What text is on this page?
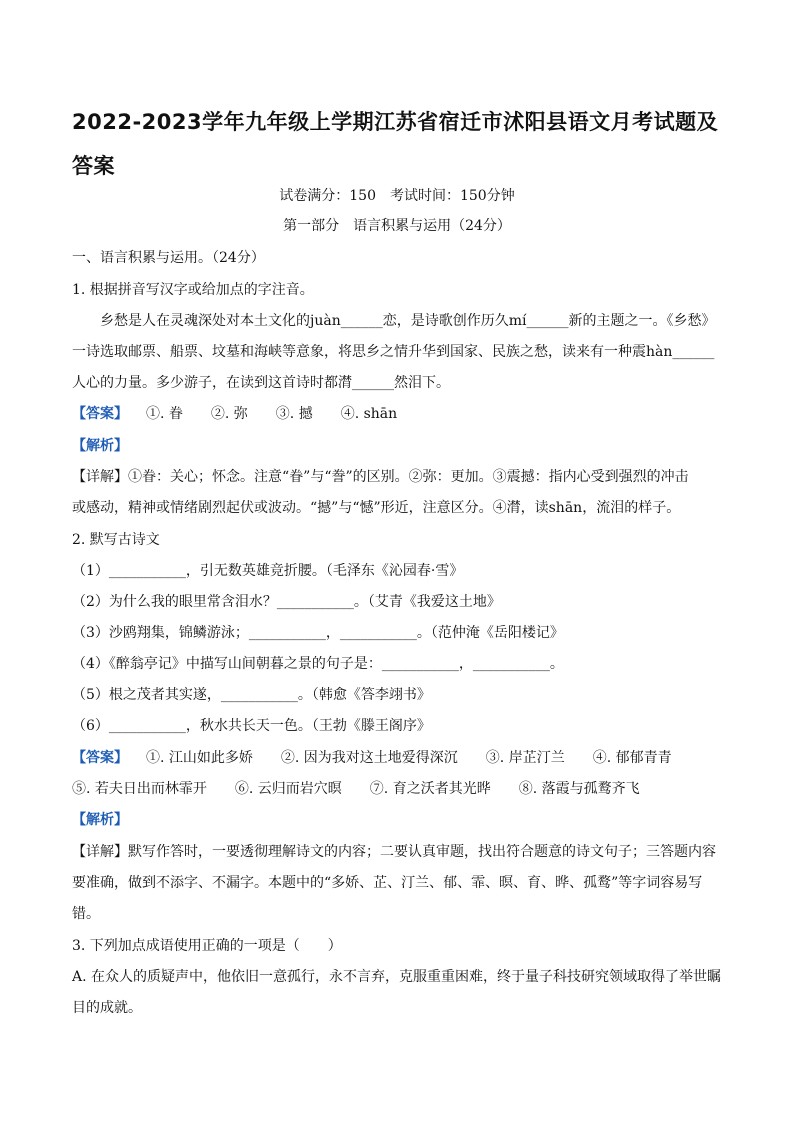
2022-2023学年九年级上学期江苏省宿迁市沭阳县语文月考试题及答案
试卷满分：150　考试时间：150分钟
第一部分　语言积累与运用（24分）
一、语言积累与运用。（24分）
1. 根据拼音写汉字或给加点的字注音。
乡愁是人在灵魂深处对本土文化的juàn______恋，是诗歌创作历久mí______新的主题之一。《乡愁》
一诗选取邮票、船票、坟墓和海峡等意象，将思乡之情升华到国家、民族之愁，读来有一种震hàn______
人心的力量。多少游子，在读到这首诗时都潸______然泪下。
【答案】 ①. 眷　　②. 弥　　③. 撼　　④. shān
【解析】
【详解】①眷：关心；怀念。注意“眷”与“誊”的区别。②弥：更加。③震撼：指内心受到强烈的冲击
或感动，精神或情绪剧烈起伏或波动。“撼”与“憾”形近，注意区分。④潸，读shān，流泪的样子。
2. 默写古诗文
（1）___________，引无数英雄竞折腰。（毛泽东《沁园春·雪》
（2）为什么我的眼里常含泪水？___________。（艾青《我爱这土地》
（3）沙鸥翔集，锦鳞游泳；___________，___________。（范仲淹《岳阳楼记》
（4）《醉翁亭记》中描写山间朝暮之景的句子是：___________，___________。
（5）根之茂者其实遂，___________。（韩愈《答李翊书》
（6）___________，秋水共长天一色。（王勃《滕王阁序》
【答案】 ①. 江山如此多娇　　②. 因为我对这土地爱得深沉　　③. 岸芷汀兰　　④. 郁郁青青
⑤. 若夫日出而林霏开　　⑥. 云归而岩穴暝　　⑦. 育之沃者其光晔　　⑧. 落霞与孤鹜齐飞
【解析】
【详解】默写作答时，一要透彻理解诗文的内容；二要认真审题，找出符合题意的诗文句子；三答题内容
要准确，做到不添字、不漏字。本题中的“多娇、芷、汀兰、郁、霏、暝、育、晔、孤鹜”等字词容易写
错。
3. 下列加点成语使用正确的一项是（　　）
A. 在众人的质疑声中，他依旧一意孤行，永不言弃，克服重重困难，终于量子科技研究领域取得了举世瞩
目的成就。
